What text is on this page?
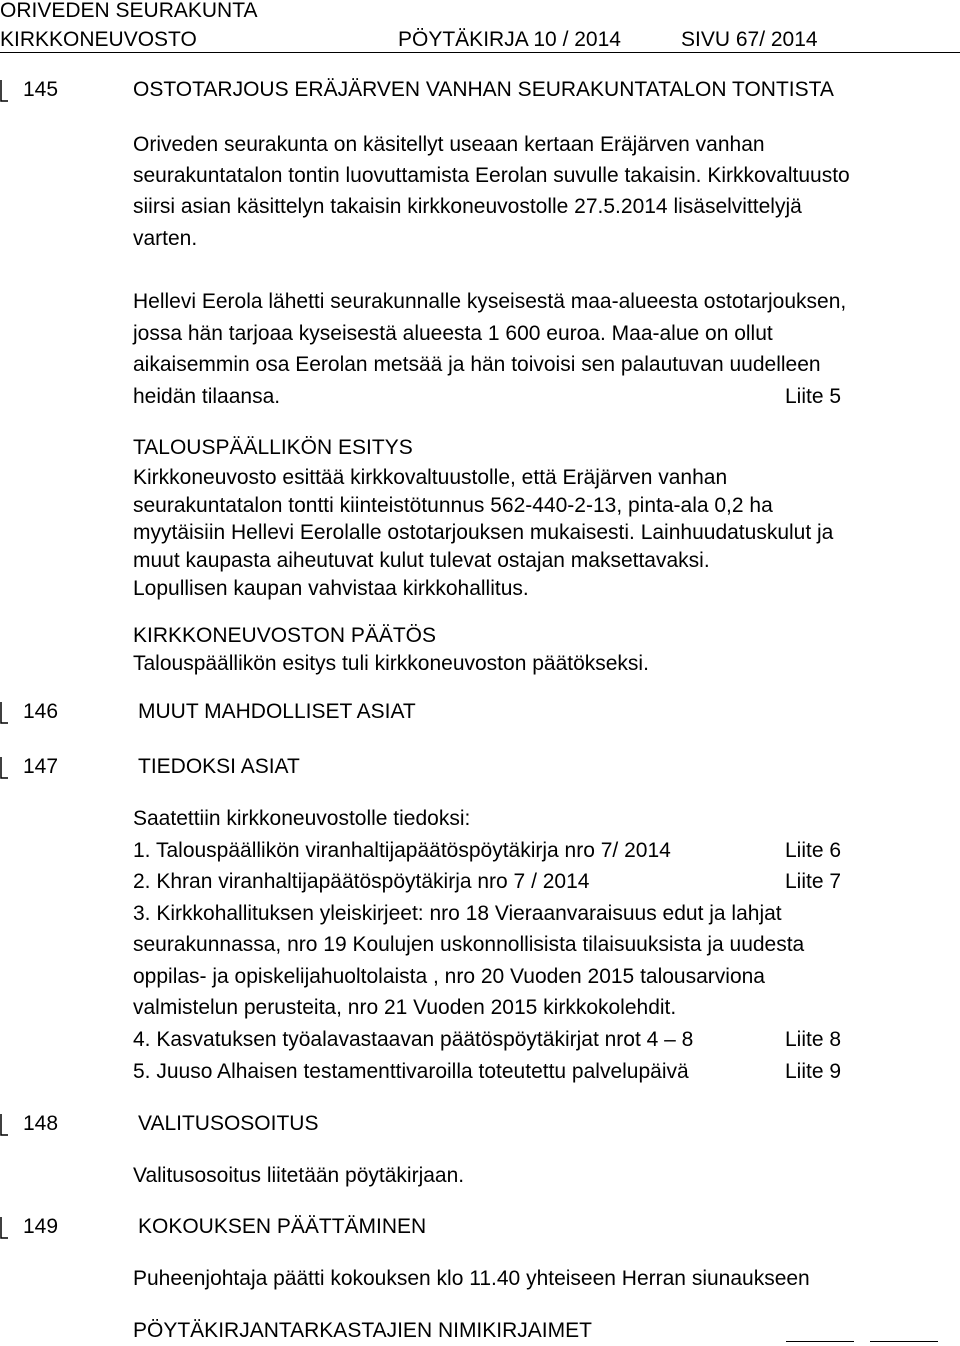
ORIVEDEN SEURAKUNTA
KIRKKONEUVOSTO	PÖYTÄKIRJA 10 / 2014	SIVU 67/ 2014
145	OSTOTARJOUS ERÄJÄRVEN VANHAN SEURAKUNTATALON TONTISTA
Oriveden seurakunta on käsitellyt useaan kertaan Eräjärven vanhan
seurakuntatalon tontin luovuttamista Eerolan suvulle takaisin. Kirkkovaltuusto
siirsi asian käsittelyn takaisin kirkkoneuvostolle 27.5.2014 lisäselvittelyjä
varten.
Hellevi Eerola lähetti seurakunnalle kyseisestä maa-alueesta ostotarjouksen,
jossa hän tarjoaa kyseisestä alueesta 1 600 euroa. Maa-alue on ollut
aikaisemmin osa Eerolan metsää ja hän toivoisi sen palautuvan uudelleen
heidän tilaansa.	Liite 5
TALOUSPÄÄLLIKÖN ESITYS
Kirkkoneuvosto esittää kirkkovaltuustolle, että Eräjärven vanhan
seurakuntatalon tontti kiinteistötunnus 562-440-2-13, pinta-ala 0,2 ha
myytäisiin Hellevi Eerolalle ostotarjouksen mukaisesti. Lainhuudatuskulut ja
muut kaupasta aiheutuvat kulut tulevat ostajan maksettavaksi.
Lopullisen kaupan vahvistaa kirkkohallitus.
KIRKKONEUVOSTON PÄÄTÖS
Talouspäällikön esitys tuli kirkkoneuvoston päätökseksi.
146	MUUT MAHDOLLISET ASIAT
147	TIEDOKSI ASIAT
Saatettiin kirkkoneuvostolle tiedoksi:
1. Talouspäällikön viranhaltijapäätöspöytäkirja nro 7/ 2014	Liite 6
2. Khran viranhaltijapäätöspöytäkirja nro 7 / 2014	Liite 7
3. Kirkkohallituksen yleiskirjeet: nro 18 Vieraanvaraisuus edut ja lahjat
seurakunnassa, nro 19 Koulujen uskonnollisista tilaisuuksista ja uudesta
oppilas- ja opiskelijahuoltolaista , nro 20 Vuoden 2015 talousarviona
valmistelun perusteita, nro 21 Vuoden 2015 kirkkokolehdit.
4. Kasvatuksen työalavastaavan päätöspöytäkirjat nrot 4 – 8	Liite 8
5. Juuso Alhaisen testamenttivaroilla toteutettu palvelupäivä	Liite 9
148	VALITUSOSOITUS
Valitusosoitus liitetään pöytäkirjaan.
149	KOKOUKSEN PÄÄTTÄMINEN
Puheenjohtaja päätti kokouksen klo 11.40 yhteiseen Herran siunaukseen
PÖYTÄKIRJANTARKASTAJIEN NIMIKIRJAIMET
